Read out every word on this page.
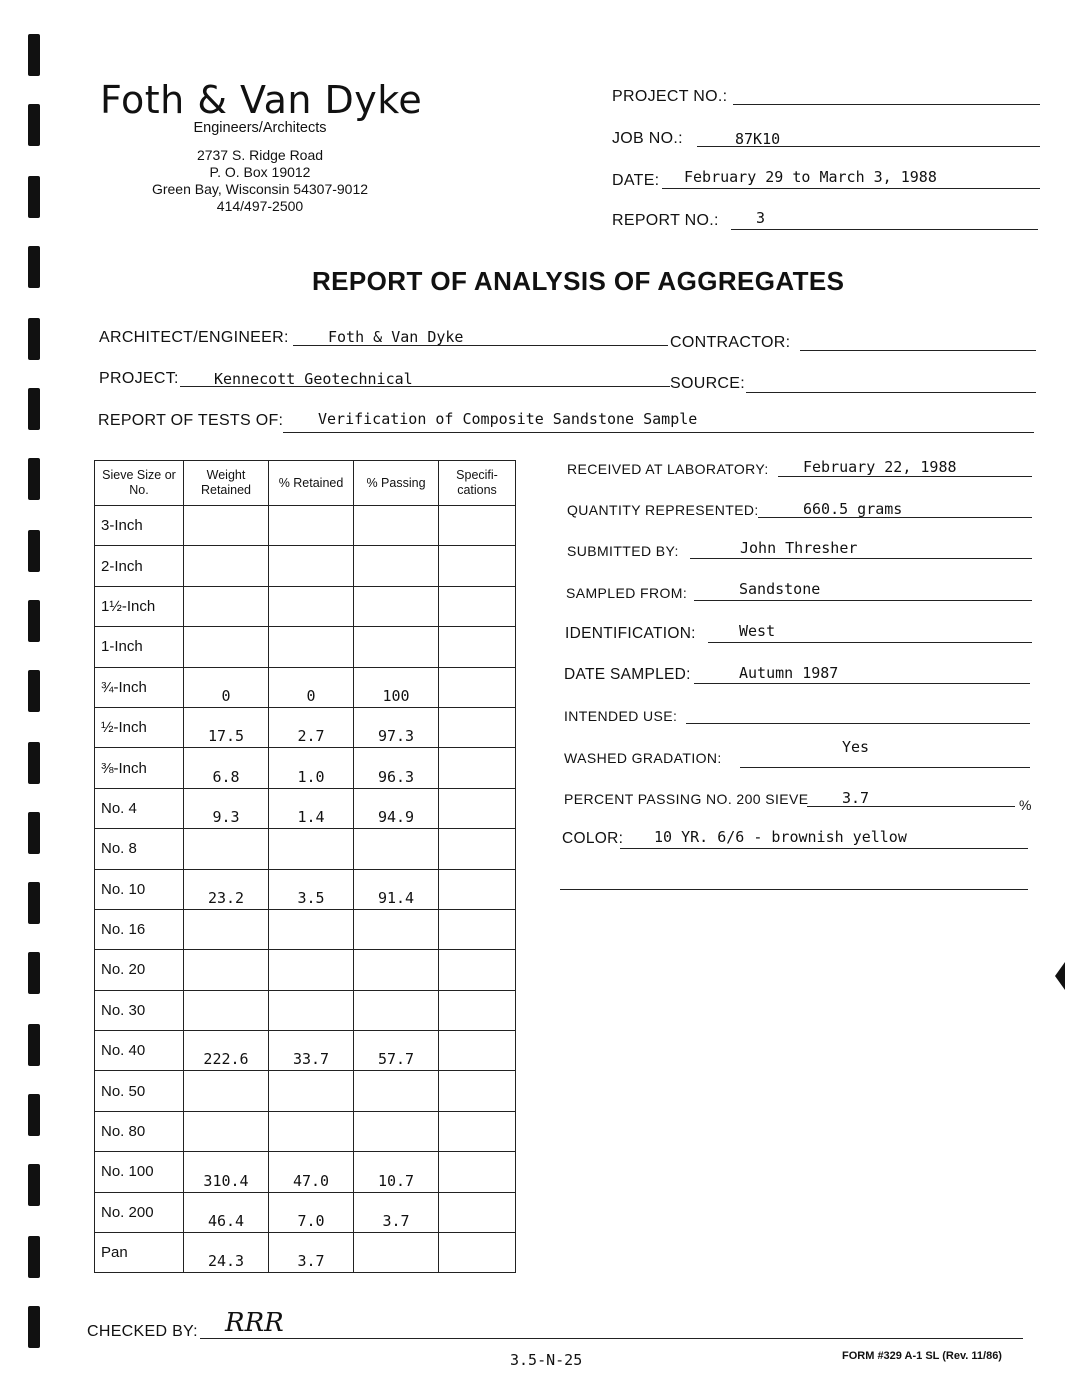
Foth & Van Dyke
Engineers/Architects
2737 S. Ridge Road
P. O. Box 19012
Green Bay, Wisconsin 54307-9012
414/497-2500
PROJECT NO.:
JOB NO.:	87K10
DATE: February 29 to March 3, 1988
REPORT NO.: 3
REPORT OF ANALYSIS OF AGGREGATES
ARCHITECT/ENGINEER:	Foth & Van Dyke	CONTRACTOR:
PROJECT: Kennecott Geotechnical	SOURCE:
REPORT OF TESTS OF: Verification of Composite Sandstone Sample
Sieve Size or No.	Weight Retained	% Retained	% Passing	Specifi- cations
3-Inch				
2-Inch				
1½-Inch				
1-Inch				
¾-Inch	0	0	100	
½-Inch	17.5	2.7	97.3	
⅜-Inch	6.8	1.0	96.3	
No. 4	9.3	1.4	94.9	
No. 8				
No. 10	23.2	3.5	91.4	
No. 16				
No. 20				
No. 30				
No. 40	222.6	33.7	57.7	
No. 50				
No. 80				
No. 100	310.4	47.0	10.7	
No. 200	46.4	7.0	3.7	
Pan	24.3	3.7		
RECEIVED AT LABORATORY: February 22, 1988
QUANTITY REPRESENTED:	660.5 grams
SUBMITTED BY:	John Thresher
SAMPLED FROM:	Sandstone
IDENTIFICATION:	West
DATE SAMPLED:	Autumn 1987
INTENDED USE:
WASHED GRADATION:
Yes
PERCENT PASSING NO. 200 SIEVE 3.7	%
COLOR: 10 YR. 6/6 - brownish yellow
CHECKED BY: RRR
3.5-N-25	FORM #329 A-1 SL (Rev. 11/86)
